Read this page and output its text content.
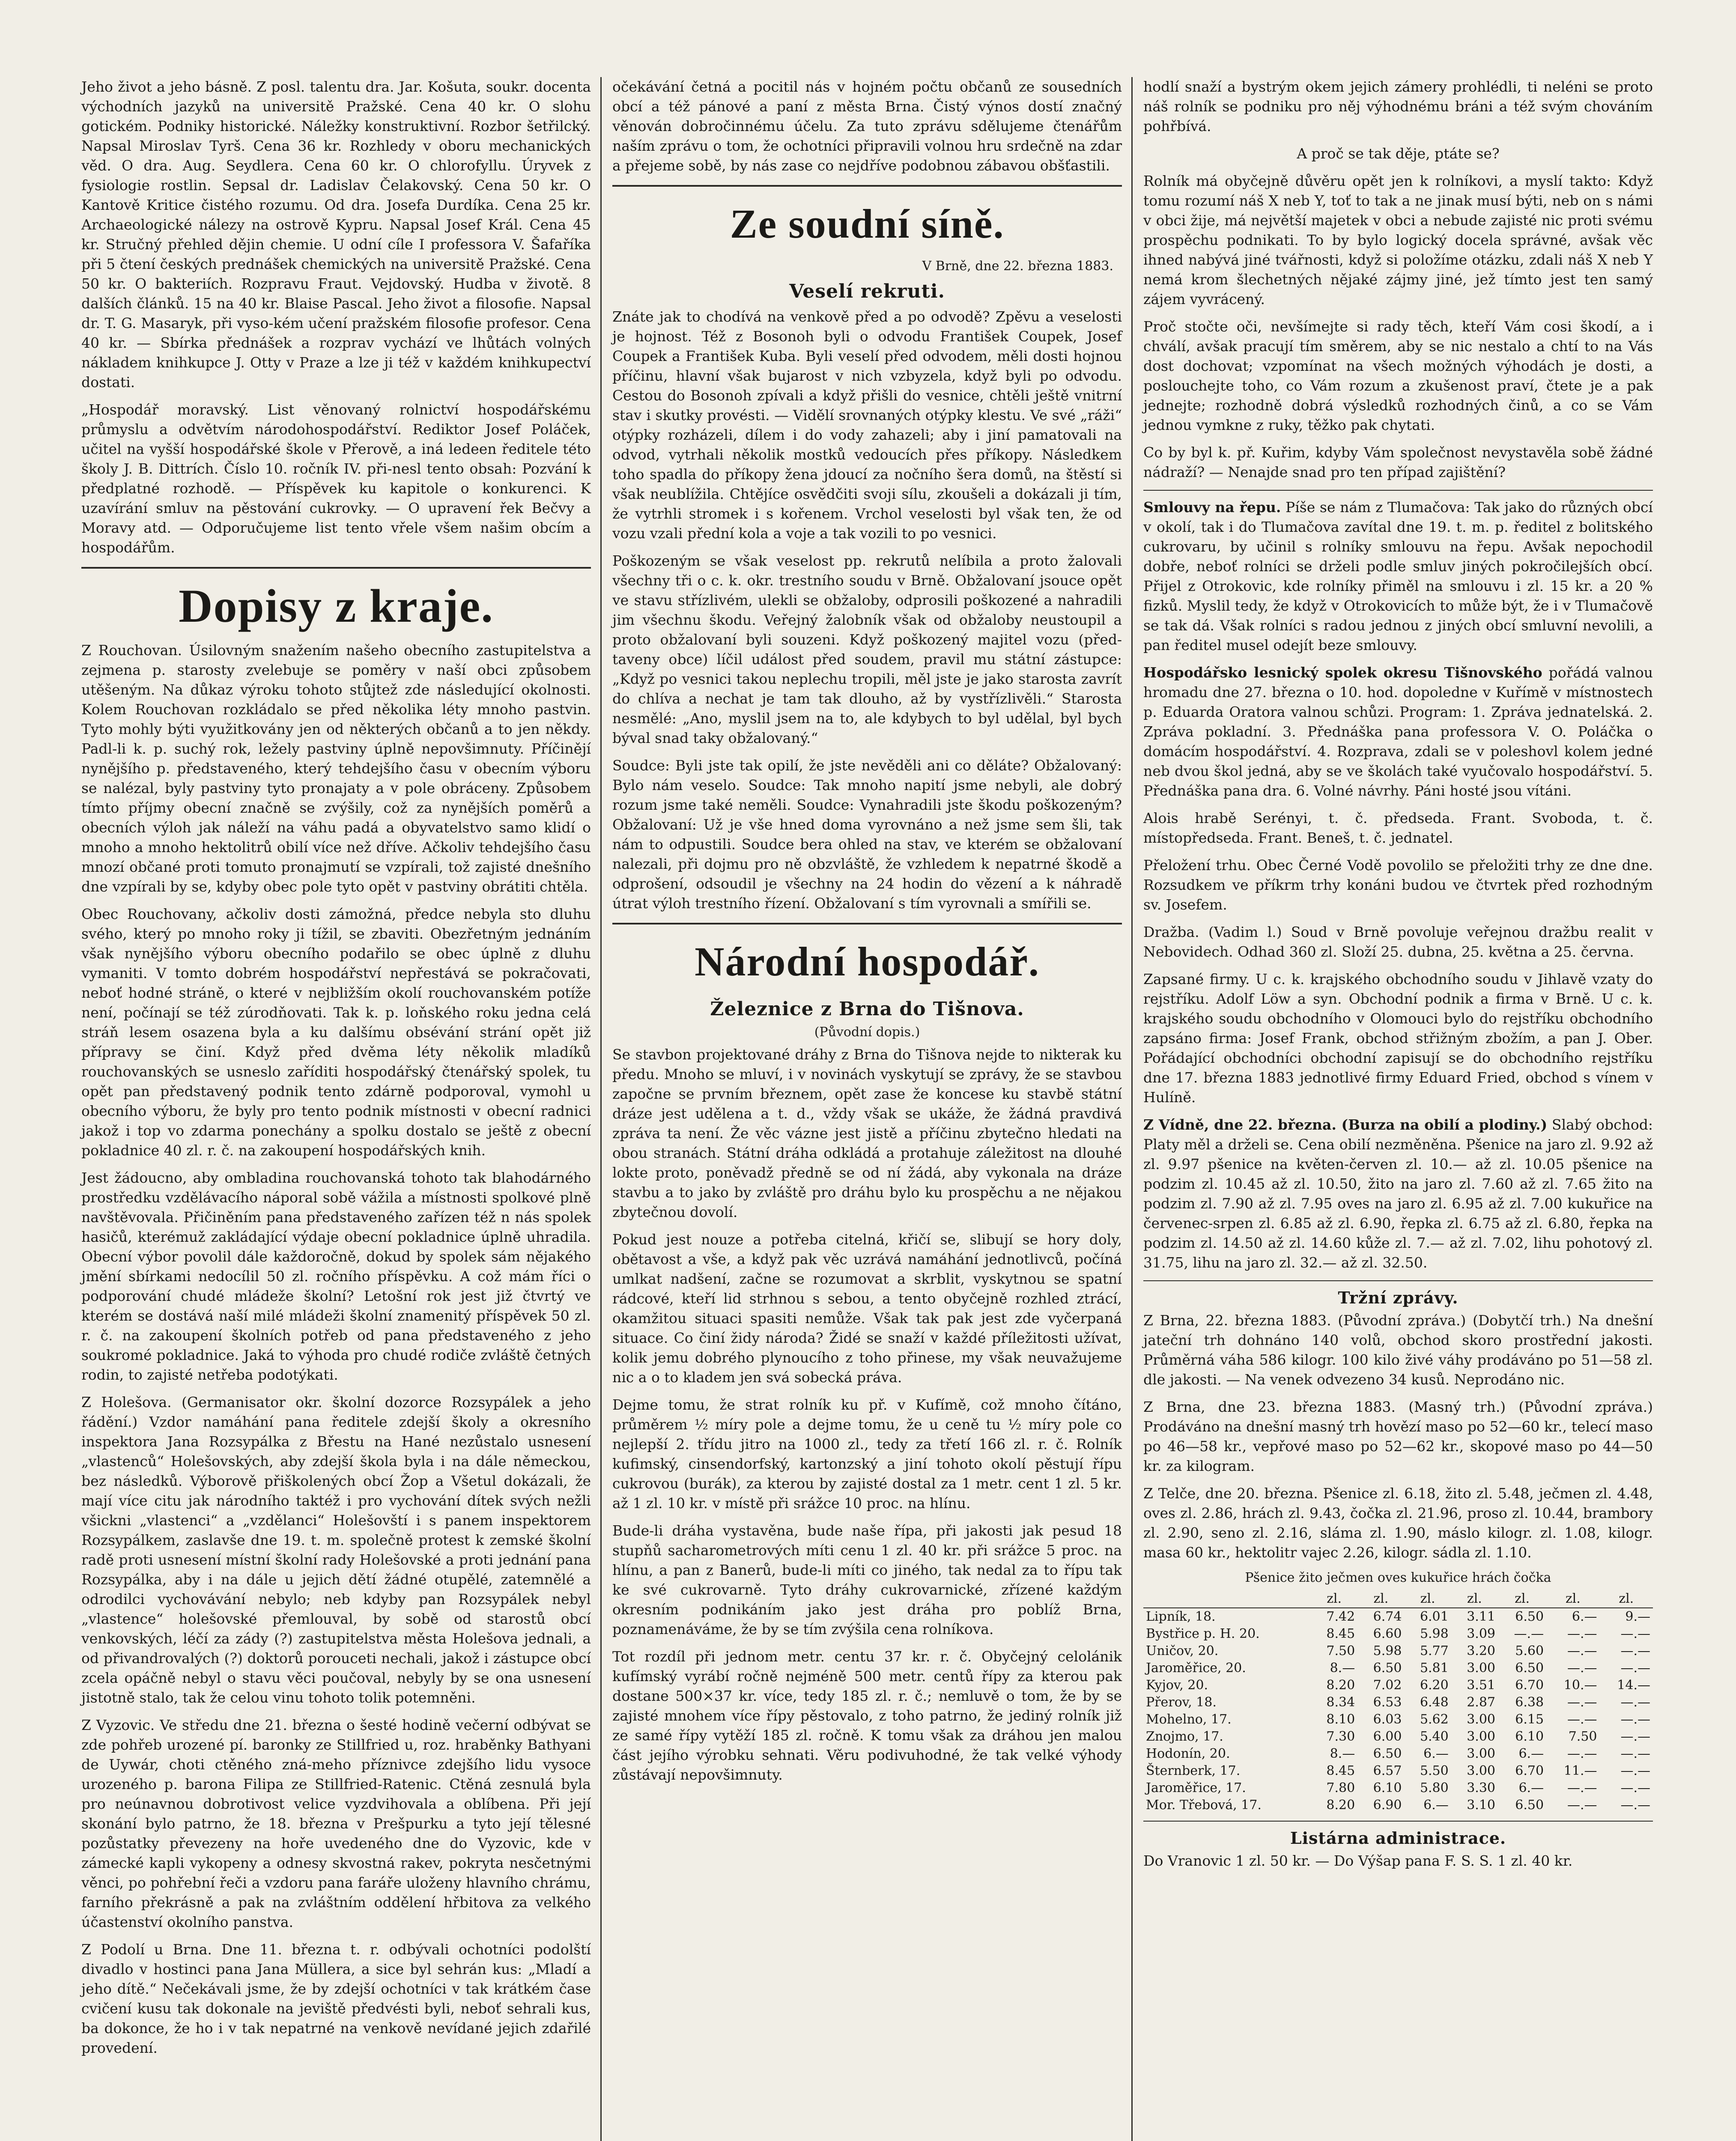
Jeho život a jeho básně. Z posl. talentu dra. Jar. Košuta, soukr. docenta východních jazyků na universitě Pražské. Cena 40 kr. O slohu gotickém. Podniky historické. Náležky konstruktivní. Rozbor šetřilcký. Napsal Miroslav Tyrš. Cena 36 kr. Rozhledy v oboru mechanických věd. O dra. Aug. Seydlera. Cena 60 kr. O chlorofyllu. Úryvek z fysiologie rostlin. Sepsal dr. Ladislav Čelakovský. Cena 50 kr. O Kantově Kritice čistého rozumu. Od dra. Josefa Durdíka. Cena 25 kr. Archaeologické nálezy na ostrově Kypru. Napsal Josef Král. Cena 45 kr. Stručný přehled dějin chemie. U odní cíle I professora V. Šafaříka při 5 čtení českých prednášek chemických na universitě Pražské. Cena 50 kr. O bakteriích. Rozpravu Fraut. Vejdovský. Hudba v životě. 8 dalších článků. 15 na 40 kr. Blaise Pascal. Jeho život a filosofie. Napsal dr. T. G. Masaryk, při vyso-kém učení pražském filosofie profesor. Cena 40 kr. — Sbírka přednášek a rozprav vychází ve lhůtách volných nákladem knihkupce J. Otty v Praze a lze ji též v každém knihkupectví dostati.

„Hospodář moravský. List věnovaný rolnictví hospodářskému průmyslu a odvětvím národohospodářství. Rediktor Josef Poláček, učitel na vyšší hospodářské škole v Přerově, a iná ledeen ředitele této školy J. B. Dittrích. Číslo 10. ročník IV. při-nesl tento obsah: Pozvání k předplatné rozhodě. — Příspěvek ku kapitole o konkurenci. K uzavírání smluv na pěstování cukrovky. — O upravení řek Bečvy a Moravy atd. — Odporučujeme list tento vřele všem našim obcím a hospodářům.

Dopisy z kraje.

Z Rouchovan. Úsilovným snažením našeho obecního zastupitelstva a zejmena p. starosty zvelebuje se poměry v naší obci způsobem utěšeným. Na důkaz výroku tohoto stůjtež zde následující okolnosti. Kolem Rouchovan rozkládalo se před několika léty mnoho pastvin. Tyto mohly býti využitkovány jen od některých občanů a to jen někdy. Padl-li k. p. suchý rok, ležely pastviny úplně nepovšimnuty. Příčinějí nynějšího p. představeného, který tehdejšího času v obecním výboru se nalézal, byly pastviny tyto pronajaty a v pole obráceny. Způsobem tímto příjmy obecní značně se zvýšily, což za nynějších poměrů a obecních výloh jak náleží na váhu padá a obyvatelstvo samo klidí o mnoho a mnoho hektolitrů obilí více než dříve. Ačkoliv tehdejšího času mnozí občané proti tomuto pronajmutí se vzpírali, tož zajisté dnešního dne vzpírali by se, kdyby obec pole tyto opět v pastviny obrátiti chtěla.

Obec Rouchovany, ačkoliv dosti zámožná, předce nebyla sto dluhu svého, který po mnoho roky ji tížil, se zbaviti. Obezřetným jednáním však nynějšího výboru obecního podařilo se obec úplně z dluhu vymaniti. V tomto dobrém hospodářství nepřestává se pokračovati, neboť hodné stráně, o které v nejbližším okolí rouchovanském potíže není, počínají se též zúrodňovati. Tak k. p. loňského roku jedna celá stráň lesem osazena byla a ku dalšímu obsévání strání opět již přípravy se činí. Když před dvěma léty několik mladíků rouchovanských se usneslo zaříditi hospodářský čtenářský spolek, tu opět pan představený podnik tento zdárně podporoval, vymohl u obecního výboru, že byly pro tento podnik místnosti v obecní radnici jakož i top vo zdarma ponechány a spolku dostalo se ještě z obecní pokladnice 40 zl. r. č. na zakoupení hospodářských knih.

Jest žádoucno, aby ombladina rouchovanská tohoto tak blahodárného prostředku vzdělávacího náporal sobě vážila a místnosti spolkové plně navštěvovala. Přičiněním pana představeného zařízen též n nás spolek hasičů, kterémuž zakládající výdaje obecní pokladnice úplně uhradila. Obecní výbor povolil dále každoročně, dokud by spolek sám nějakého jmění sbírkami nedocílil 50 zl. ročního příspěvku. A což mám říci o podporování chudé mládeže školní? Letošní rok jest již čtvrtý ve kterém se dostává naší milé mládeži školní znamenitý příspěvek 50 zl. r. č. na zakoupení školních potřeb od pana představeného z jeho soukromé pokladnice. Jaká to výhoda pro chudé rodiče zvláště četných rodin, to zajisté netřeba podotýkati.

Z Holešova. (Germanisator okr. školní dozorce Rozsypálek a jeho řádění.) Vzdor namáhání pana ředitele zdejší školy a okresního inspektora Jana Rozsypálka z Břestu na Hané nezůstalo usnesení „vlastenců“ Holešovských, aby zdejší škola byla i na dále německou, bez následků. Výborově přiškolených obcí Žop a Všetul dokázali, že mají více citu jak národního taktéž i pro vychování dítek svých nežli všickni „vlastenci“ a „vzdělanci“ Holešovští i s panem inspektorem Rozsypálkem, zaslavše dne 19. t. m. společně protest k zemské školní radě proti usnesení místní školní rady Holešovské a proti jednání pana Rozsypálka, aby i na dále u jejich dětí žádné otupělé, zatemnělé a odrodilci vychovávání nebylo; neb kdyby pan Rozsypálek nebyl „vlastence“ holešovské přemlouval, by sobě od starostů obcí venkovských, léčí za zády (?) zastupitelstva města Holešova jednali, a od přivandrovalých (?) doktorů porouceti nechali, jakož i zástupce obcí zcela opáčně nebyl o stavu věci poučoval, nebyly by se ona usnesení jistotně stalo, tak že celou vinu tohoto tolik potemněni.

Z Vyzovic. Ve středu dne 21. března o šesté hodině večerní odbývat se zde pohřeb urozené pí. baronky ze Stillfried u, roz. hraběnky Bathyani de Uywár, choti ctěného zná-meho příznivce zdejšího lidu vysoce urozeného p. barona Filipa ze Stillfried-Ratenic. Ctěná zesnulá byla pro neúnavnou dobrotivost velice vyzdvihovala a oblíbena. Při její skonání bylo patrno, že 18. března v Prešpurku a tyto její tělesné pozůstatky převezeny na hoře uvedeného dne do Vyzovic, kde v zámecké kapli vykopeny a odnesy skvostná rakev, pokryta nesčetnými věnci, po pohřební řeči a vzdoru pana faráře uloženy hlavního chrámu, farního překrásně a pak na zvláštním oddělení hřbitova za velkého účastenství okolního panstva.

Z Podolí u Brna. Dne 11. března t. r. odbývali ochotníci podolští divadlo v hostinci pana Jana Müllera, a sice byl sehrán kus: „Mladí a jeho dítě.“ Nečekávali jsme, že by zdejší ochotníci v tak krátkém čase cvičení kusu tak dokonale na jeviště předvésti byli, neboť sehrali kus, ba dokonce, že ho i v tak nepatrné na venkově nevídané jejich zdařilé provedení.

očekávání četná a pocitil nás v hojném počtu občanů ze sousedních obcí a též pánové a paní z města Brna. Čistý výnos dostí značný věnován dobročinnému účelu. Za tuto zprávu sdělujeme čtenářům naším zprávu o tom, že ochotníci připravili volnou hru srdečně na zdar a přejeme sobě, by nás zase co nejdříve podobnou zábavou obšťastili.

Ze soudní síně.
V Brně, dne 22. března 1883.
Veselí rekruti.

Znáte jak to chodívá na venkově před a po odvodě? Zpěvu a veselosti je hojnost. Též z Bosonoh byli o odvodu František Coupek, Josef Coupek a František Kuba. Byli veselí před odvodem, měli dosti hojnou příčinu, hlavní však bujarost v nich vzbyzela, když byli po odvodu. Cestou do Bosonoh zpívali a když přišli do vesnice, chtěli ještě vnitrní stav i skutky provésti. — Vidělí srovnaných otýpky klestu. Ve své „ráži“ otýpky rozházeli, dílem i do vody zahazeli; aby i jiní pamatovali na odvod, vytrhali několik mostků vedoucích přes příkopy. Následkem toho spadla do příkopy žena jdoucí za nočního šera domů, na štěstí si však neublížila. Chtějíce osvědčiti svoji sílu, zkoušeli a dokázali ji tím, že vytrhli stromek i s kořenem. Vrchol veselosti byl však ten, že od vozu vzali přední kola a voje a tak vozili to po vesnici.

Poškozeným se však veselost pp. rekrutů nelíbila a proto žalovali všechny tři o c. k. okr. trestního soudu v Brně. Obžalovaní jsouce opět ve stavu střízlivém, ulekli se obžaloby, odprosili poškozené a nahradili jim všechnu škodu. Veřejný žalobník však od obžaloby neustoupil a proto obžalovaní byli souzeni. Když poškozený majitel vozu (před-taveny obce) líčil událost před soudem, pravil mu státní zástupce: „Když po vesnici takou neplechu tropili, měl jste je jako starosta zavrít do chlíva a nechat je tam tak dlouho, až by vystřízlivěli.“ Starosta nesmělé: „Ano, myslil jsem na to, ale kdybych to byl udělal, byl bych býval snad taky obžalovaný.“

Soudce: Byli jste tak opilí, že jste nevěděli ani co děláte? Obžalovaný: Bylo nám veselo. Soudce: Tak mnoho napití jsme nebyli, ale dobrý rozum jsme také neměli. Soudce: Vynahradili jste škodu poškozeným? Obžalovaní: Už je vše hned doma vyrovnáno a než jsme sem šli, tak nám to odpustili. Soudce bera ohled na stav, ve kterém se obžalovaní nalezali, při dojmu pro ně obzvláště, že vzhledem k nepatrné škodě a odprošení, odsoudil je všechny na 24 hodin do vězení a k náhradě útrat výloh trestního řízení. Obžalovaní s tím vyrovnali a smířili se.

Národní hospodář.
Železnice z Brna do Tišnova.
(Původní dopis.)

Se stavbon projektované dráhy z Brna do Tišnova nejde to nikterak ku předu. Mnoho se mluví, i v novinách vyskytují se zprávy, že se stavbou započne se prvním březnem, opět zase že koncese ku stavbě státní dráze jest udělena a t. d., vždy však se ukáže, že žádná pravdivá zpráva ta není. Že věc vázne jest jistě a příčinu zbytečno hledati na obou stranách. Státní dráha odkládá a protahuje záležitost na dlouhé lokte proto, poněvadž předně se od ní žádá, aby vykonala na dráze stavbu a to jako by zvláště pro dráhu bylo ku prospěchu a ne nějakou zbytečnou dovolí.

Pokud jest nouze a potřeba citelná, křičí se, slibují se hory doly, obětavost a vše, a když pak věc uzrává namáhání jednotlivců, počíná umlkat nadšení, začne se rozumovat a skrblit, vyskytnou se spatní rádcové, kteří lid strhnou s sebou, a tento obyčejně rozhled ztrácí, okamžitou situaci spasiti nemůže. Však tak pak jest zde vyčerpaná situace. Co činí židy národa? Židé se snaží v každé příležitosti užívat, kolik jemu dobrého plynoucího z toho přinese, my však neuvažujeme nic a o to kladem jen svá sobecká práva.

Dejme tomu, že strat rolník ku př. v Kufímě, což mnoho čítáno, průměrem ½ míry pole a dejme tomu, že u ceně tu ½ míry pole co nejlepší 2. třídu jitro na 1000 zl., tedy za třetí 166 zl. r. č. Rolník kufimský, cinsendorfský, kartonzský a jiní tohoto okolí pěstují řípu cukrovou (burák), za kterou by zajisté dostal za 1 metr. cent 1 zl. 5 kr. až 1 zl. 10 kr. v místě při srážce 10 proc. na hlínu.

Bude-li dráha vystavěna, bude naše řípa, při jakosti jak pesud 18 stupňů sacharometrových míti cenu 1 zl. 40 kr. při srážce 5 proc. na hlínu, a pan z Banerů, bude-li míti co jiného, tak nedal za to řípu tak ke své cukrovarně. Tyto dráhy cukrovarnické, zřízené každým okresním podnikáním jako jest dráha pro poblíž Brna, poznamenáváme, že by se tím zvýšila cena rolníkova.

Tot rozdíl při jednom metr. centu 37 kr. r. č. Obyčejný celolánik kufímský vyrábí ročně nejméně 500 metr. centů řípy za kterou pak dostane 500×37 kr. více, tedy 185 zl. r. č.; nemluvě o tom, že by se zajisté mnohem více řípy pěstovalo, z toho patrno, že jediný rolník již ze samé řípy vytěží 185 zl. ročně. K tomu však za dráhou jen malou část jejího výrobku sehnati. Věru podivuhodné, že tak velké výhody zůstávají nepovšimnuty.

hodlí snaží a bystrým okem jejich zámery prohlédli, ti neléni se proto náš rolník se podniku pro něj výhodnému bráni a též svým chováním pohřbívá.

A proč se tak děje, ptáte se?

Rolník má obyčejně důvěru opět jen k rolníkovi, a myslí takto: Když tomu rozumí náš X neb Y, toť to tak a ne jinak musí býti, neb on s námi v obci žije, má největší majetek v obci a nebude zajisté nic proti svému prospěchu podnikati. To by bylo logický docela správné, avšak věc ihned nabývá jiné tvářnosti, když si položíme otázku, zdali náš X neb Y nemá krom šlechetných nějaké zájmy jiné, jež tímto jest ten samý zájem vyvrácený.

Proč stočte oči, nevšímejte si rady těch, kteří Vám cosi škodí, a i chválí, avšak pracují tím směrem, aby se nic nestalo a chtí to na Vás dost dochovat; vzpomínat na všech možných výhodách je dosti, a poslouchejte toho, co Vám rozum a zkušenost praví, čtete je a pak jednejte; rozhodně dobrá výsledků rozhodných činů, a co se Vám jednou vymkne z ruky, těžko pak chytati.

Co by byl k. př. Kuřim, kdyby Vám společnost nevystavěla sobě žádné nádraží? — Nenajde snad pro ten případ zajištění?

Smlouvy na řepu. Píše se nám z Tlumačova: Tak jako do různých obcí v okolí, tak i do Tlumačova zavítal dne 19. t. m. p. ředitel z bolitského cukrovaru, by učinil s rolníky smlouvu na řepu. Avšak nepochodil dobře, neboť rolníci se drželi podle smluv jiných pokročilejších obcí. Přijel z Otrokovic, kde rolníky přiměl na smlouvu i zl. 15 kr. a 20 % fizků. Myslil tedy, že když v Otrokovicích to může být, že i v Tlumačově se tak dá. Však rolníci s radou jednou z jiných obcí smluvní nevolili, a pan ředitel musel odejít beze smlouvy.

Hospodářsko lesnický spolek okresu Tišnovského pořádá valnou hromadu dne 27. března o 10. hod. dopoledne v Kuřímě v místnostech p. Eduarda Oratora valnou schůzi. Program: 1. Zpráva jednatelská. 2. Zpráva pokladní. 3. Přednáška pana professora V. O. Poláčka o domácím hospodářství. 4. Rozprava, zdali se v poleshovl kolem jedné neb dvou škol jedná, aby se ve školách také vyučovalo hospodářství. 5. Přednáška pana dra. 6. Volné návrhy. Páni hosté jsou vítáni.

Alois hrabě Serényi, t. č. předseda. Frant. Svoboda, t. č. místopředseda. Frant. Beneš, t. č. jednatel.

Přeložení trhu. Obec Černé Vodě povolilo se přeložiti trhy ze dne dne. Rozsudkem ve příkrm trhy konáni budou ve čtvrtek před rozhodným sv. Josefem.

Dražba. (Vadim l.) Soud v Brně povoluje veřejnou dražbu realit v Nebovidech. Odhad 360 zl. Složí 25. dubna, 25. května a 25. června.

Zapsané firmy. U c. k. krajského obchodního soudu v Jihlavě vzaty do rejstříku. Adolf Löw a syn. Obchodní podnik a firma v Brně. U c. k. krajského soudu obchodního v Olomouci bylo do rejstříku obchodního zapsáno firma: Josef Frank, obchod střižným zbožím, a pan J. Ober. Pořádající obchodníci obchodní zapisují se do obchodního rejstříku dne 17. března 1883 jednotlivé firmy Eduard Fried, obchod s vínem v Hulíně.

Z Vídně, dne 22. března. (Burza na obilí a plodiny.) Slabý obchod: Platy měl a drželi se. Cena obilí nezměněna. Pšenice na jaro zl. 9.92 až zl. 9.97 pšenice na květen-červen zl. 10.— až zl. 10.05 pšenice na podzim zl. 10.45 až zl. 10.50, žito na jaro zl. 7.60 až zl. 7.65 žito na podzim zl. 7.90 až zl. 7.95 oves na jaro zl. 6.95 až zl. 7.00 kukuřice na červenec-srpen zl. 6.85 až zl. 6.90, řepka zl. 6.75 až zl. 6.80, řepka na podzim zl. 14.50 až zl. 14.60 kůže zl. 7.— až zl. 7.02, lihu pohotový zl. 31.75, lihu na jaro zl. 32.— až zl. 32.50.

Tržní zprávy.

Z Brna, 22. března 1883. (Původní zpráva.) (Dobytčí trh.) Na dnešní jateční trh dohnáno 140 volů, obchod skoro prostřední jakosti. Průměrná váha 586 kilogr. 100 kilo živé váhy prodáváno po 51—58 zl. dle jakosti. — Na venek odvezeno 34 kusů. Neprodáno nic.

Z Brna, dne 23. března 1883. (Masný trh.) (Původní zpráva.) Prodáváno na dnešní masný trh hovězí maso po 52—60 kr., telecí maso po 46—58 kr., vepřové maso po 52—62 kr., skopové maso po 44—50 kr. za kilogram.

Z Telče, dne 20. března. Pšenice zl. 6.18, žito zl. 5.48, ječmen zl. 4.48, oves zl. 2.86, hrách zl. 9.43, čočka zl. 21.96, proso zl. 10.44, brambory zl. 2.90, seno zl. 2.16, sláma zl. 1.90, máslo kilogr. zl. 1.08, kilogr. masa 60 kr., hektolitr vajec 2.26, kilogr. sádla zl. 1.10.

Pšenice žito ječmen oves kukuřice hrách čočka
	zl.	zl.	zl.	zl.	zl.	zl.	zl.
Lipník, 18.	7.42	6.74	6.01	3.11	6.50	6.—	9.—
Bystřice p. H. 20.	8.45	6.60	5.98	3.09	—.—	—.—	—.—
Uničov, 20.	7.50	5.98	5.77	3.20	5.60	—.—	—.—
Jaroměřice, 20.	8.—	6.50	5.81	3.00	6.50	—.—	—.—
Kyjov, 20.	8.20	7.02	6.20	3.51	6.70	10.—	14.—
Přerov, 18.	8.34	6.53	6.48	2.87	6.38	—.—	—.—
Mohelno, 17.	8.10	6.03	5.62	3.00	6.15	—.—	—.—
Znojmo, 17.	7.30	6.00	5.40	3.00	6.10	7.50	—.—
Hodonín, 20.	8.—	6.50	6.—	3.00	6.—	—.—	—.—
Šternberk, 17.	8.45	6.57	5.50	3.00	6.70	11.—	—.—
Jaroměřice, 17.	7.80	6.10	5.80	3.30	6.—	—.—	—.—
Mor. Třebová, 17.	8.20	6.90	6.—	3.10	6.50	—.—	—.—
Listárna administrace.

Do Vranovic 1 zl. 50 kr. — Do Výšap pana F. S. S. 1 zl. 40 kr.
